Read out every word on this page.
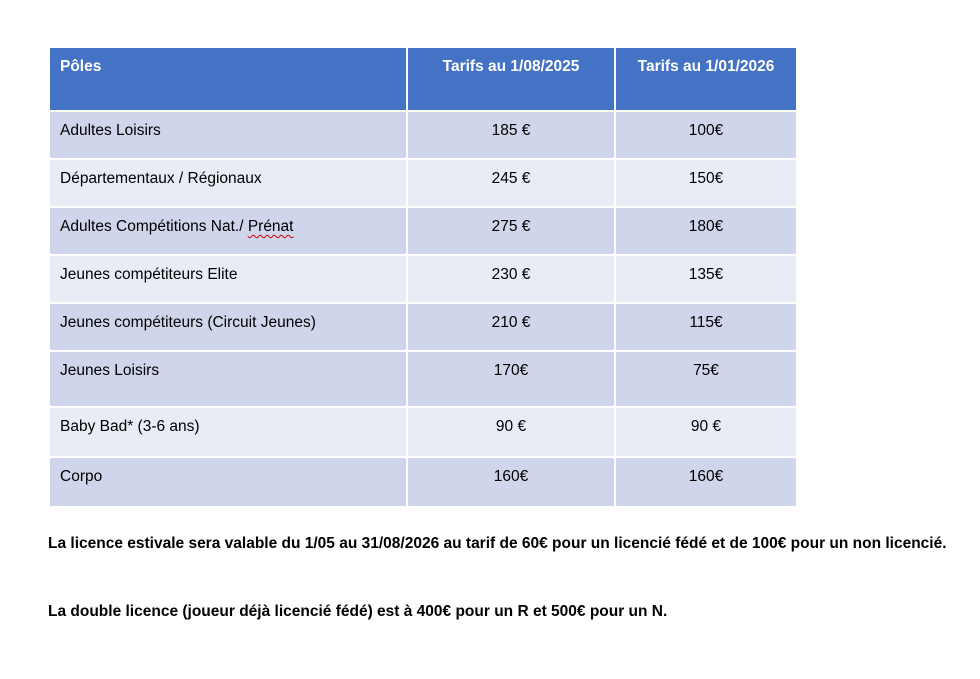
Pôles	Tarifs au 1/08/2025	Tarifs au 1/01/2026
Adultes Loisirs	185 €	100€
Départementaux / Régionaux	245 €	150€
Adultes Compétitions Nat./ Prénat	275 €	180€
Jeunes compétiteurs Elite	230 €	135€
Jeunes compétiteurs (Circuit Jeunes)	210 €	115€
Jeunes Loisirs	170€	75€
Baby Bad* (3-6 ans)	90 €	90 €
Corpo	160€	160€

La licence estivale sera valable du 1/05 au 31/08/2026 au tarif de 60€ pour un licencié fédé et de 100€ pour un non licencié.

La double licence (joueur déjà licencié fédé) est à 400€ pour un R et 500€ pour un N.
